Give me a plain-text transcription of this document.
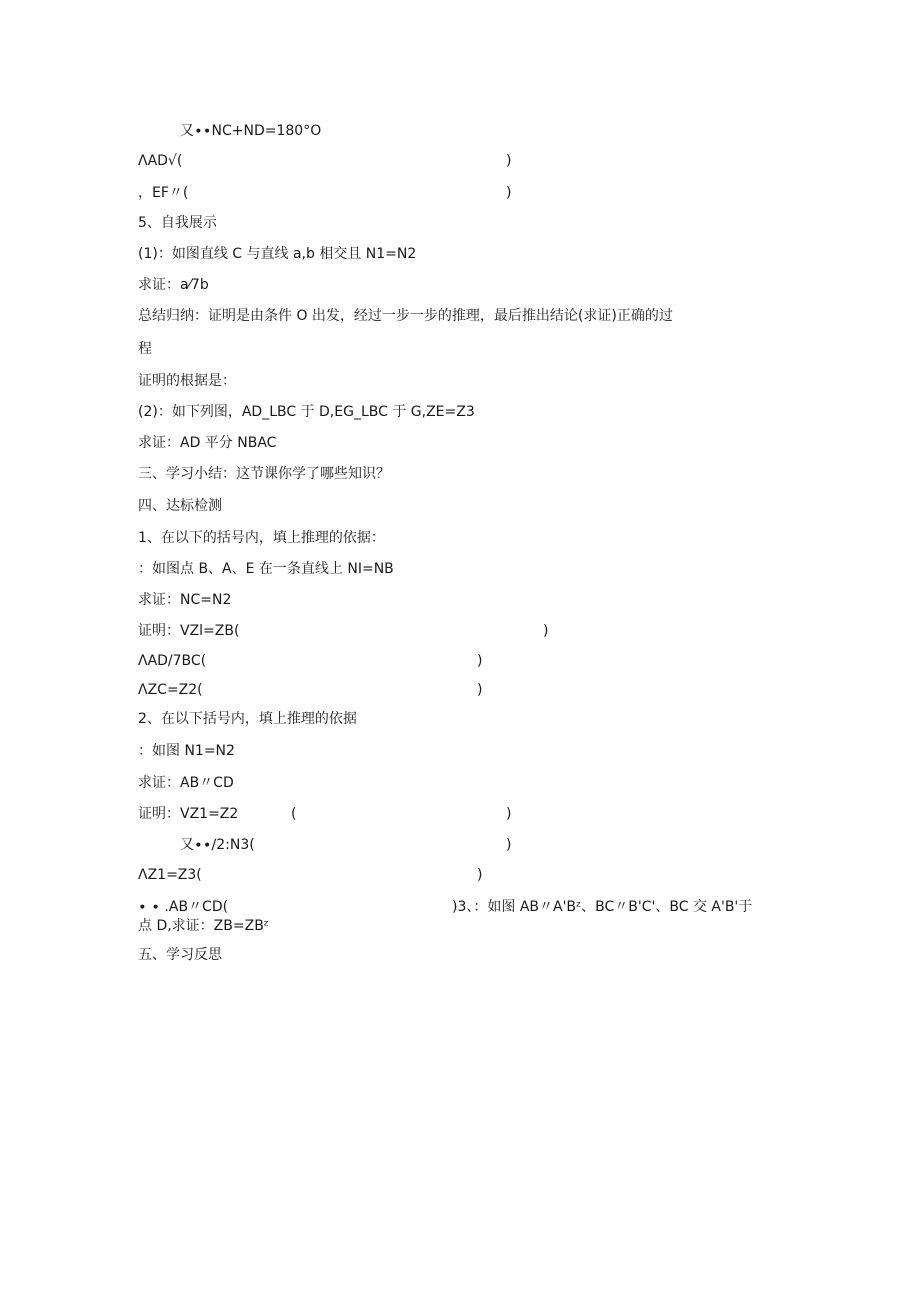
又∙∙NC+ND=180°O
ΛAD√(	)
，EF〃(	)
5、自我展示
(1)：如图直线 C 与直线 a,b 相交且 N1=N2
求证：a⁄7b
总结归纳：证明是由条件 O 出发，经过一步一步的推理，最后推出结论(求证)正确的过
程
证明的根据是：
(2)：如下列图，AD_LBC 于 D,EG_LBC 于 G,ZE=Z3
求证：AD 平分 NBAC
三、学习小结：这节课你学了哪些知识？
四、达标检测
1、在以下的括号内，填上推理的依据：
：如图点 B、A、E 在一条直线上 NI=NB
求证：NC=N2
证明：VZl=ZB(	)
ΛAD/7BC(	)
ΛZC=Z2(	)
2、在以下括号内，填上推理的依据
：如图 N1=N2
求证：AB〃CD
证明：VZ1=Z2	(	)
又∙∙∕2:N3(	)
ΛZ1=Z3(	)
∙ ∙ .AB〃CD(	)3、：如图 AB〃A'Bᶻ、BC〃B'C'、BC 交 A'B'于
点 D,求证：ZB=ZBᶻ
五、学习反思
